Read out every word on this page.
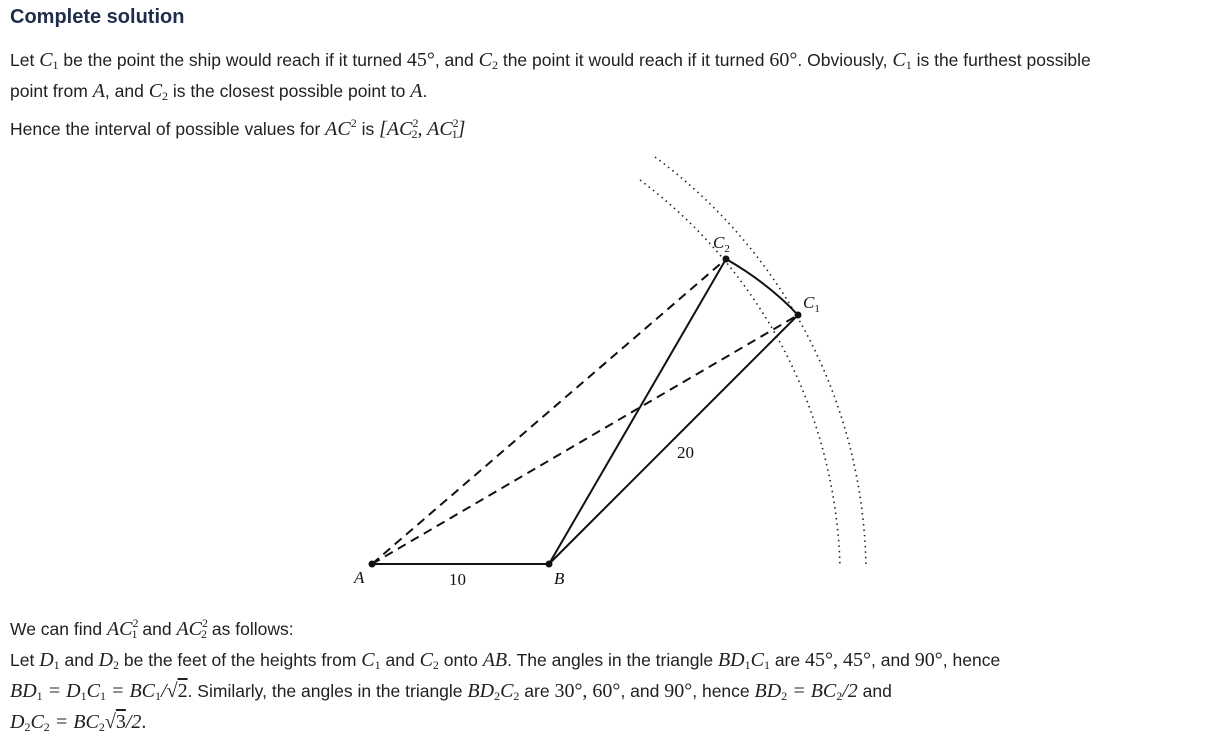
Complete solution

Let $C_1$ be the point the ship would reach if it turned 45°, and $C_2$ the point it would reach if it turned 60°. Obviously, $C_1$ is the furthest possible
point from A, and $C_2$ is the closest possible point to A.

Hence the interval of possible values for $AC^2$ is [$AC^2_2$, $AC^2_1$]

A	B
$C_1$
$C_2$
10
20

We can find $AC^2_1$ and $AC^2_2$ as follows:

Let $D_1$ and $D_2$ be the feet of the heights from $C_1$ and $C_2$ onto AB. The angles in the triangle $BD_1C_1$ are 45°, 45°, and 90°, hence
$BD_1 = D_1C_1 = BC_1/√2$. Similarly, the angles in the triangle $BD_2C_2$ are 30°, 60°, and 90°, hence $BD_2 = BC_2/2$ and
$D_2C_2 = BC_2√3/2$.
